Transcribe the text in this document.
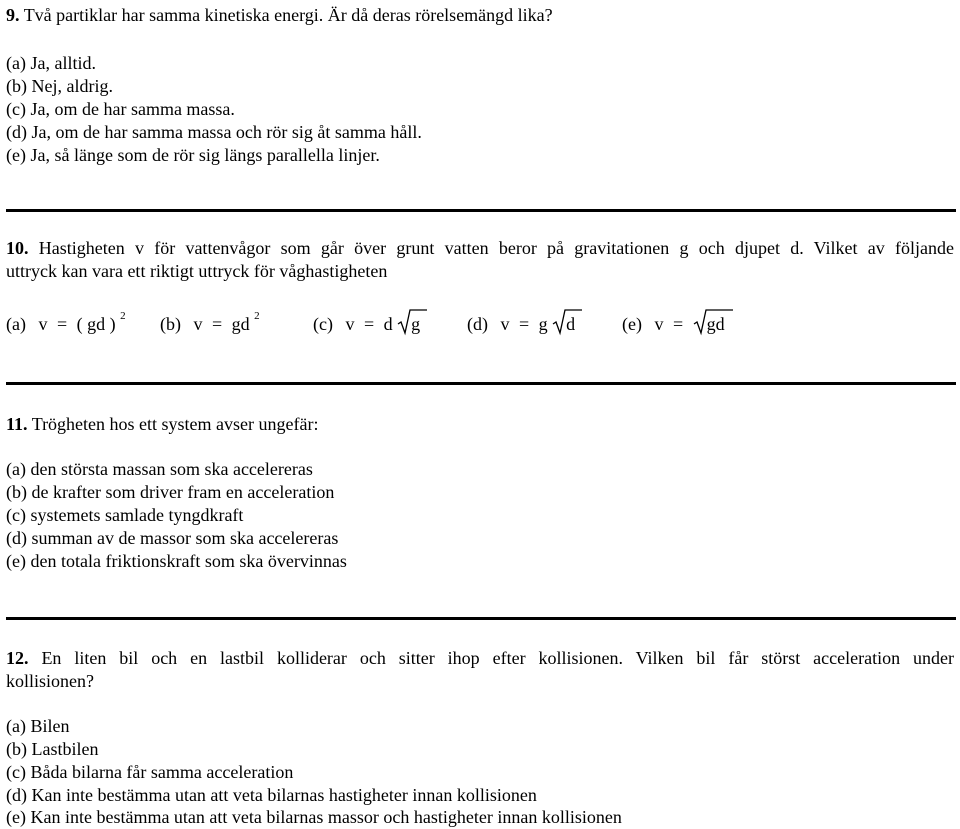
9. Två partiklar har samma kinetiska energi. Är då deras rörelsemängd lika?
(a) Ja, alltid.
(b) Nej, aldrig.
(c) Ja, om de har samma massa.
(d) Ja, om de har samma massa och rör sig åt samma håll.
(e) Ja, så länge som de rör sig längs parallella linjer.
10. Hastigheten v för vattenvågor som går över grunt vatten beror på gravitationen g och djupet d. Vilket av följande
uttryck kan vara ett riktigt uttryck för våghastigheten
(a) v = ( gd ) 2 (b) v = gd 2	(c) v = d g	(d) v = g d	(e) v = gd
11. Trögheten hos ett system avser ungefär:
(a) den största massan som ska accelereras
(b) de krafter som driver fram en acceleration
(c) systemets samlade tyngdkraft
(d) summan av de massor som ska accelereras
(e) den totala friktionskraft som ska övervinnas
12. En liten bil och en lastbil kolliderar och sitter ihop efter kollisionen. Vilken bil får störst acceleration under
kollisionen?
(a) Bilen
(b) Lastbilen
(c) Båda bilarna får samma acceleration
(d) Kan inte bestämma utan att veta bilarnas hastigheter innan kollisionen
(e) Kan inte bestämma utan att veta bilarnas massor och hastigheter innan kollisionen
